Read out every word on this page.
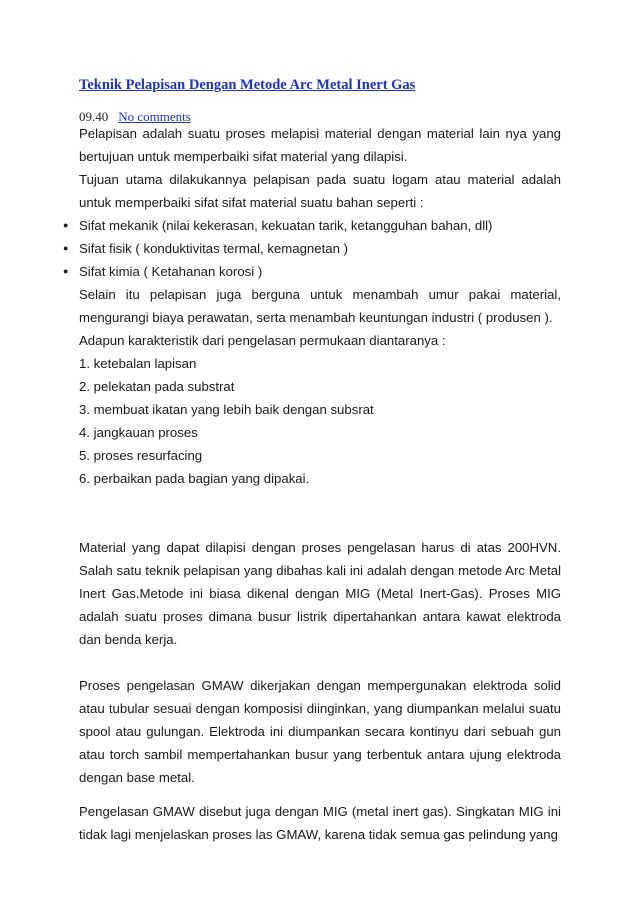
Teknik Pelapisan Dengan Metode Arc Metal Inert Gas
09.40 No comments

Pelapisan adalah suatu proses melapisi material dengan material lain nya yang bertujuan untuk memperbaiki sifat material yang dilapisi.

Tujuan utama dilakukannya pelapisan pada suatu logam atau material adalah untuk memperbaiki sifat sifat material suatu bahan seperti :

● Sifat mekanik (nilai kekerasan, kekuatan tarik, ketangguhan bahan, dll)
● Sifat fisik ( konduktivitas termal, kemagnetan )
● Sifat kimia ( Ketahanan korosi )

Selain itu pelapisan juga berguna untuk menambah umur pakai material, mengurangi biaya perawatan, serta menambah keuntungan industri ( produsen ).

Adapun karakteristik dari pengelasan permukaan diantaranya :

1. ketebalan lapisan
2. pelekatan pada substrat
3. membuat ikatan yang lebih baik dengan subsrat
4. jangkauan proses
5. proses resurfacing
6. perbaikan pada bagian yang dipakai.

Material yang dapat dilapisi dengan proses pengelasan harus di atas 200HVN. Salah satu teknik pelapisan yang dibahas kali ini adalah dengan metode Arc Metal Inert Gas.Metode ini biasa dikenal dengan MIG (Metal Inert-Gas). Proses MIG adalah suatu proses dimana busur listrik dipertahankan antara kawat elektroda dan benda kerja.

Proses pengelasan GMAW dikerjakan dengan mempergunakan elektroda solid atau tubular sesuai dengan komposisi diinginkan, yang diumpankan melalui suatu spool atau gulungan. Elektroda ini diumpankan secara kontinyu dari sebuah gun atau torch sambil mempertahankan busur yang terbentuk antara ujung elektroda dengan base metal.

Pengelasan GMAW disebut juga dengan MIG (metal inert gas). Singkatan MIG ini tidak lagi menjelaskan proses las GMAW, karena tidak semua gas pelindung yang
